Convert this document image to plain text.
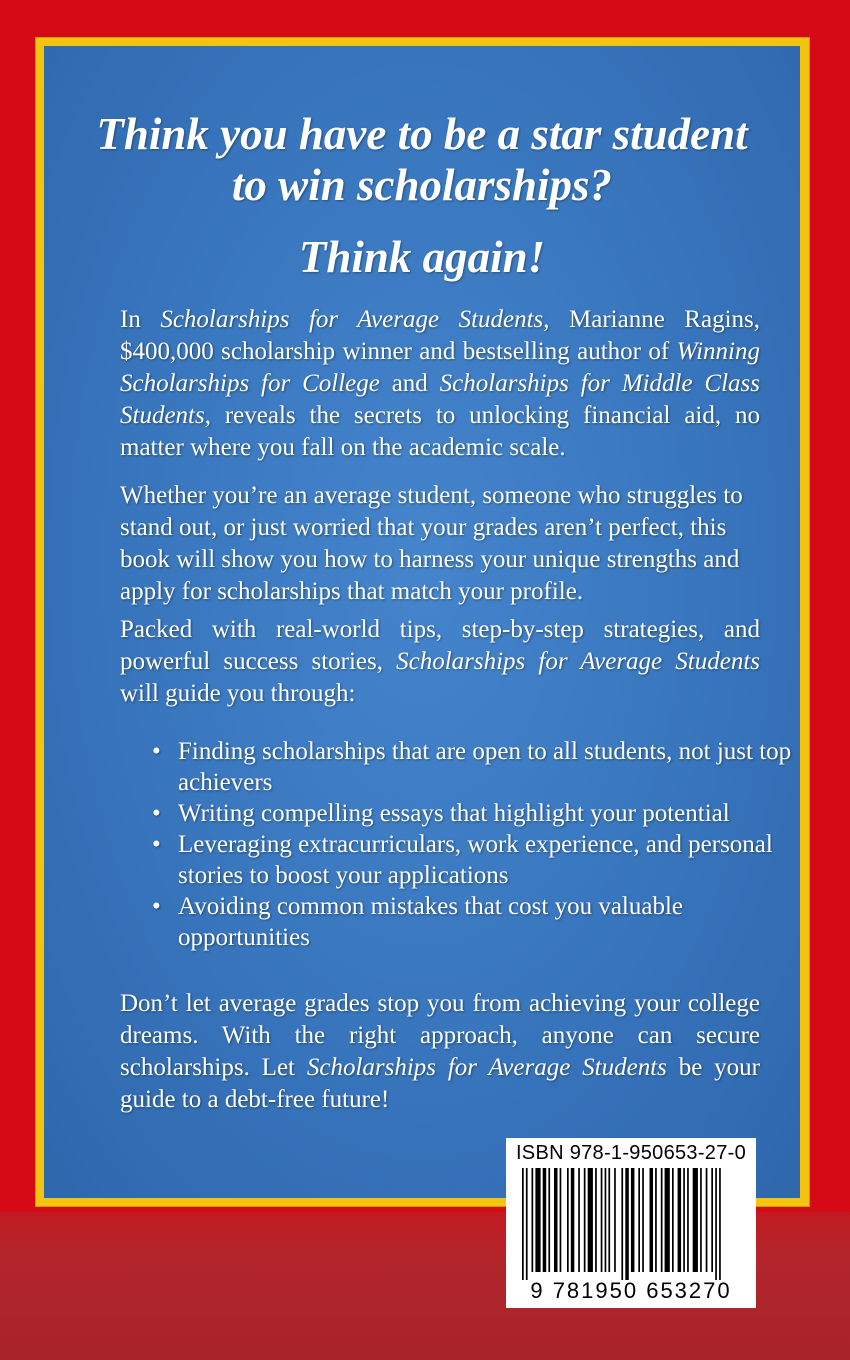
Think you have to be a star student
to win scholarships?
Think again!

In Scholarships for Average Students, Marianne Ragins, $400,000 scholarship winner and bestselling author of Winning Scholarships for College and Scholarships for Middle Class Students, reveals the secrets to unlocking financial aid, no matter where you fall on the academic scale.

Whether you’re an average student, someone who struggles to stand out, or just worried that your grades aren’t perfect, this book will show you how to harness your unique strengths and apply for scholarships that match your profile.

Packed with real-world tips, step-by-step strategies, and powerful success stories, Scholarships for Average Students will guide you through:

• Finding scholarships that are open to all students, not just top achievers
• Writing compelling essays that highlight your potential
• Leveraging extracurriculars, work experience, and personal stories to boost your applications
• Avoiding common mistakes that cost you valuable opportunities

Don’t let average grades stop you from achieving your college dreams. With the right approach, anyone can secure scholarships. Let Scholarships for Average Students be your guide to a debt-free future!

ISBN 978-1-950653-27-0
9 781950 653270
